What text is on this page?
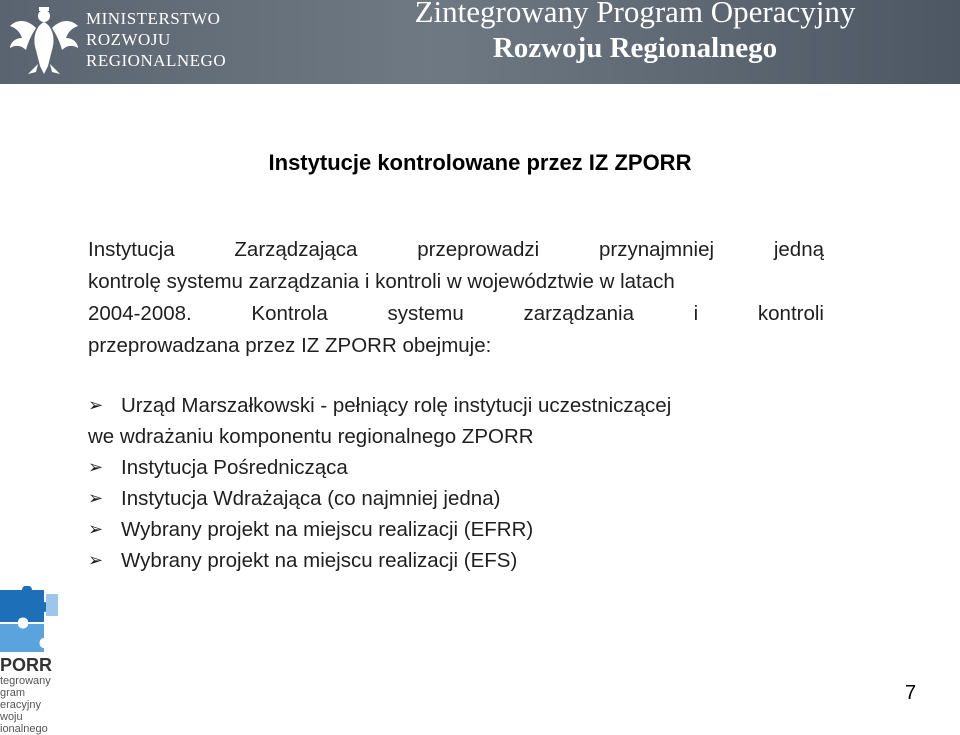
MINISTERSTWO
ROZWOJU
REGIONALNEGO
Zintegrowany Program Operacyjny
Rozwoju Regionalnego
Instytucje kontrolowane przez IZ ZPORR
Instytucja Zarządzająca przeprowadzi przynajmniej jedną
kontrolę systemu zarządzania i kontroli w województwie w latach
2004-2008. Kontrola systemu zarządzania i kontroli
przeprowadzana przez IZ ZPORR obejmuje:
➢ Urząd Marszałkowski - pełniący rolę instytucji uczestniczącej
we wdrażaniu komponentu regionalnego ZPORR
➢ Instytucja Pośrednicząca
➢ Instytucja Wdrażająca (co najmniej jedna)
➢ Wybrany projekt na miejscu realizacji (EFRR)
➢ Wybrany projekt na miejscu realizacji (EFS)
PORR
tegrowany
gram
eracyjny
woju
ionalnego
7
